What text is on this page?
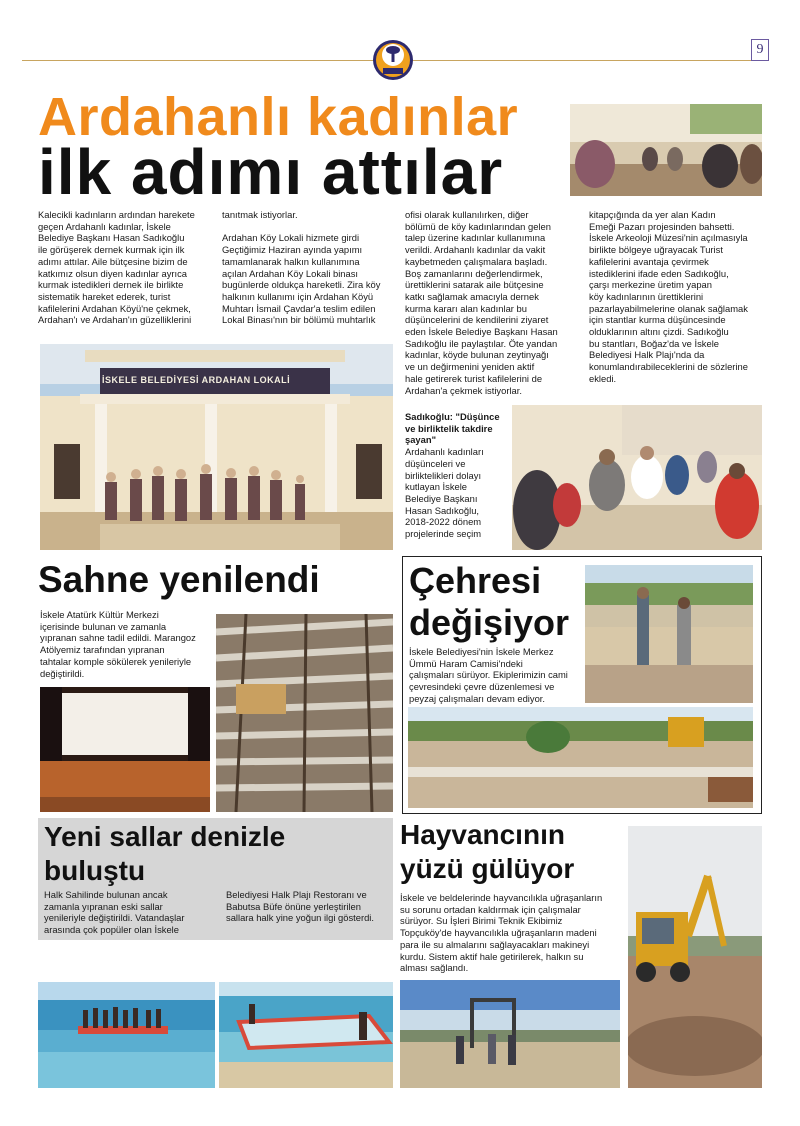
9
Ardahanlı kadınlar
ilk adımı attılar

Kalecikli kadınların ardından harekete
geçen Ardahanlı kadınlar, İskele
Belediye Başkanı Hasan Sadıkoğlu
ile görüşerek dernek kurmak için ilk
adımı attılar. Aile bütçesine bizim de
katkımız olsun diyen kadınlar ayrıca
kurmak istedikleri dernek ile birlikte
sistematik hareket ederek, turist
kafilelerini Ardahan Köyü'ne çekmek,
Ardahan'ı ve Ardahan'ın güzelliklerini

tanıtmak istiyorlar.

Ardahan Köy Lokali hizmete girdi
Geçtiğimiz Haziran ayında yapımı
tamamlanarak halkın kullanımına
açılan Ardahan Köy Lokali binası
bugünlerde oldukça hareketli. Zira köy
halkının kullanımı için Ardahan Köyü
Muhtarı İsmail Çavdar'a teslim edilen
Lokal Binası'nın bir bölümü muhtarlık

ofisi olarak kullanılırken, diğer
bölümü de köy kadınlarından gelen
talep üzerine kadınlar kullanımına
verildi. Ardahanlı kadınlar da vakit
kaybetmeden çalışmalara başladı.
Boş zamanlarını değerlendirmek,
ürettiklerini satarak aile bütçesine
katkı sağlamak amacıyla dernek
kurma kararı alan kadınlar bu
düşüncelerini de kendilerini ziyaret
eden İskele Belediye Başkanı Hasan
Sadıkoğlu ile paylaştılar. Öte yandan
kadınlar, köyde bulunan zeytinyağı
ve un değirmenini yeniden aktif
hale getirerek turist kafilelerini de
Ardahan'a çekmek istiyorlar.

kitapçığında da yer alan Kadın
Emeği Pazarı projesinden bahsetti.
İskele Arkeoloji Müzesi'nin açılmasıyla
birlikte bölgeye uğrayacak Turist
kafilelerini avantaja çevirmek
istediklerini ifade eden Sadıkoğlu,
çarşı merkezine üretim yapan
köy kadınlarının ürettiklerini
pazarlayabilmelerine olanak sağlamak
için stantlar kurma düşüncesinde
olduklarının altını çizdi. Sadıkoğlu
bu stantları, Boğaz'da ve İskele
Belediyesi Halk Plajı'nda da
konumlandırabileceklerini de sözlerine
ekledi.

İSKELE BELEDİYESİ ARDAHAN LOKALİ

Sadıkoğlu: "Düşünce
ve birliktelik takdire
şayan"

Ardahanlı kadınları
düşünceleri ve
birliktelikleri dolayı
kutlayan İskele
Belediye Başkanı
Hasan Sadıkoğlu,
2018-2022 dönem
projelerinde seçim

Sahne yenilendi

İskele Atatürk Kültür Merkezi
içerisinde bulunan ve zamanla
yıpranan sahne tadil edildi. Marangoz
Atölyemiz tarafından yıpranan
tahtalar komple sökülerek yenileriyle
değiştirildi.

Çehresi
değişiyor

İskele Belediyesi'nin İskele Merkez
Ümmü Haram Camisi'ndeki
çalışmaları sürüyor. Ekiplerimizin cami
çevresindeki çevre düzenlemesi ve
peyzaj çalışmaları devam ediyor.

Yeni sallar denizle
buluştu

Halk Sahilinde bulunan ancak
zamanla yıpranan eski sallar
yenileriyle değiştirildi. Vatandaşlar
arasında çok popüler olan İskele

Belediyesi Halk Plajı Restoranı ve
Babutsa Büfe önüne yerleştirilen
sallara halk yine yoğun ilgi gösterdi.

Hayvancının
yüzü gülüyor

İskele ve beldelerinde hayvancılıkla uğraşanların
su sorunu ortadan kaldırmak için çalışmalar
sürüyor. Su İşleri Birimi Teknik Ekibimiz
Topçuköy'de hayvancılıkla uğraşanların madeni
para ile su almalarını sağlayacakları makineyi
kurdu. Sistem aktif hale getirilerek, halkın su
alması sağlandı.
